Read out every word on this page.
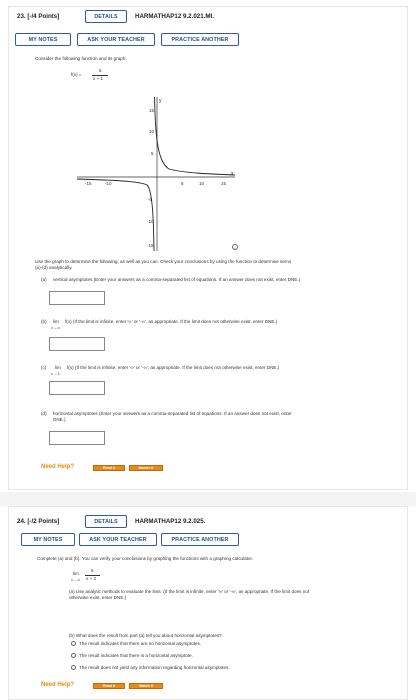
23. [-/4 Points]	DETAILS	HARMATHAP12 9.2.021.MI.
MY NOTES	ASK YOUR TEACHER	PRACTICE ANOTHER
Consider the following function and its graph.
f(x) =
5
x + 1
y
x
-15	-10	5	10	15
15
10
5
-5
-10
-15	i
Use the graph to determine the following, as well as you can. Check your conclusions by using the function to determine items
(a)-(d) analytically.
(a) vertical asymptotes (Enter your answers as a comma-separated list of equations. If an answer does not exist, enter DNE.)
(b) lim
x→-∞
f(x) (If the limit is infinite, enter '∞' or '-∞', as appropriate. If the limit does not otherwise exist, enter DNE.)
(c) lim
x→-1⁻
f(x) (If the limit is infinite, enter '∞' or '-∞', as appropriate. If the limit does not otherwise exist, enter DNE.)
(d) horizontal asymptotes (Enter your answers as a comma-separated list of equations. If an answer does not exist, enter
DNE.)
Need Help?	Read It	Master It
24. [-/2 Points]	DETAILS	HARMATHAP12 9.2.025.
MY NOTES	ASK YOUR TEACHER	PRACTICE ANOTHER
Complete (a) and (b). You can verify your conclusions by graphing the functions with a graphing calculator.
lim
x→-∞
5
x + 2
(a) Use analytic methods to evaluate the limit. (If the limit is infinite, enter '∞' or '-∞', as appropriate. If the limit does not
otherwise exist, enter DNE.)
(b) What does the result from part (a) tell you about horizontal asymptotes?
The result indicates that there are no horizontal asymptotes.
The result indicates that there is a horizontal asymptote.
The result does not yield any information regarding horizontal asymptotes.
Need Help?	Read It	Watch It
